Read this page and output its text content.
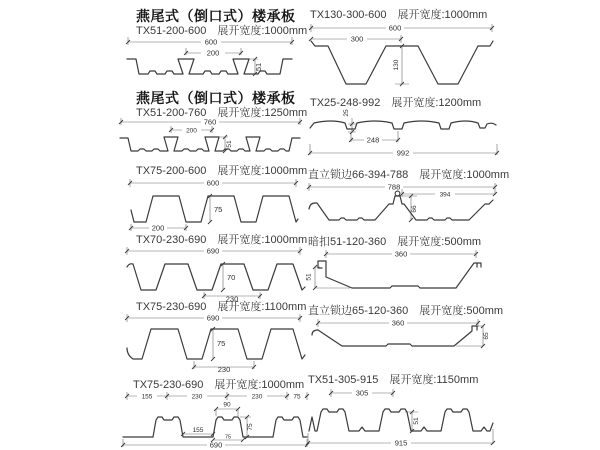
燕尾式（倒口式）楼承板
TX51-200-600 展开宽度:1000mm
600
200
51
燕尾式（倒口式）楼承板
TX51-200-760 展开宽度:1250mm
760
200
51
TX75-200-600 展开宽度:1000mm
600
200
75
TX70-230-690 展开宽度:1000mm
690
230
70
TX75-230-690 展开宽度:1100mm
690
230
75
TX75-230-690 展开宽度:1000mm
155	230	230	75
90
75
155
75
690
TX130-300-600 展开宽度:1000mm
600
300
130
TX25-248-992 展开宽度:1200mm
25
248
992
直立锁边66-394-788 展开宽度:1000mm
788
394
66
暗扣51-120-360 展开宽度:500mm
360
51
直立锁边65-120-360 展开宽度:500mm
360
65
TX51-305-915 展开宽度:1150mm
305
51
915
